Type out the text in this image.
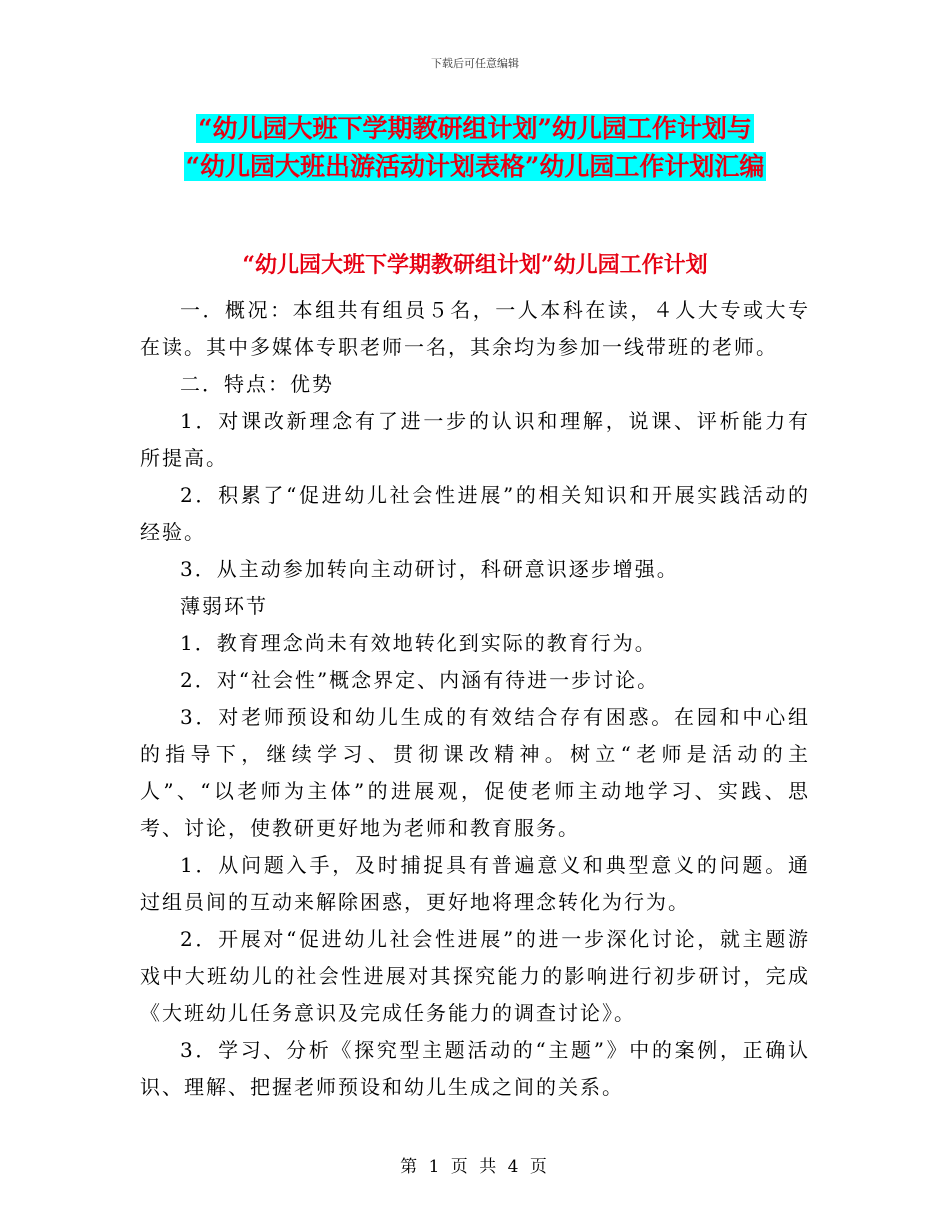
下载后可任意编辑
“幼儿园大班下学期教研组计划”幼儿园工作计划与
“幼儿园大班出游活动计划表格”幼儿园工作计划汇编
“幼儿园大班下学期教研组计划”幼儿园工作计划

一．概况：本组共有组员５名，一人本科在读，４人大专或大专在读。其中多媒体专职老师一名，其余均为参加一线带班的老师。

二．特点：优势

1．对课改新理念有了进一步的认识和理解，说课、评析能力有所提高。

2．积累了“促进幼儿社会性进展”的相关知识和开展实践活动的经验。

3．从主动参加转向主动研讨，科研意识逐步增强。

薄弱环节

1．教育理念尚未有效地转化到实际的教育行为。

2．对“社会性”概念界定、内涵有待进一步讨论。

3．对老师预设和幼儿生成的有效结合存有困惑。在园和中心组的指导下，继续学习、贯彻课改精神。树立“老师是活动的主人”、“以老师为主体”的进展观，促使老师主动地学习、实践、思考、讨论，使教研更好地为老师和教育服务。

1．从问题入手，及时捕捉具有普遍意义和典型意义的问题。通过组员间的互动来解除困惑，更好地将理念转化为行为。

2．开展对“促进幼儿社会性进展”的进一步深化讨论，就主题游戏中大班幼儿的社会性进展对其探究能力的影响进行初步研讨，完成《大班幼儿任务意识及完成任务能力的调查讨论》。

3．学习、分析《探究型主题活动的“主题”》中的案例，正确认识、理解、把握老师预设和幼儿生成之间的关系。

第 1 页 共 4 页
